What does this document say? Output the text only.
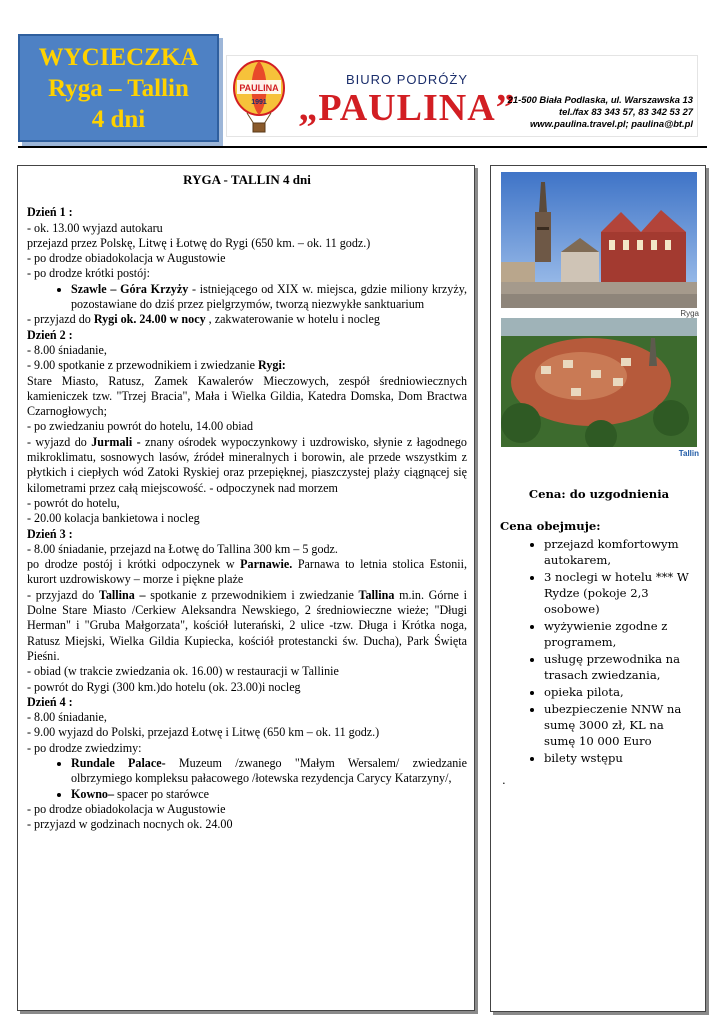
WYCIECZKA
Ryga – Tallin
4 dni
PAULINA
1991
BIURO PODRÓŻY
„PAULINA”
21-500 Biała Podlaska, ul. Warszawska 13
tel./fax 83 343 57, 83 342 53 27
www.paulina.travel.pl; paulina@bt.pl

RYGA - TALLIN 4 dni

Dzień 1 :

- ok. 13.00 wyjazd autokaru

przejazd przez Polskę, Litwę i Łotwę do Rygi (650 km. – ok. 11 godz.)

- po drodze obiadokolacja w Augustowie

- po drodze krótki postój:

• Szawle – Góra Krzyży - istniejącego od XIX w. miejsca, gdzie miliony krzyży, pozostawiane do dziś przez pielgrzymów, tworzą niezwykłe sanktuarium

- przyjazd do Rygi ok. 24.00 w nocy , zakwaterowanie w hotelu i nocleg

Dzień 2 :

- 8.00 śniadanie,

- 9.00 spotkanie z przewodnikiem i zwiedzanie Rygi:

Stare Miasto, Ratusz, Zamek Kawalerów Mieczowych, zespół średniowiecznych kamieniczek tzw. "Trzej Bracia", Mała i Wielka Gildia, Katedra Domska, Dom Bractwa Czarnogłowych;

- po zwiedzaniu powrót do hotelu, 14.00 obiad

- wyjazd do Jurmali - znany ośrodek wypoczynkowy i uzdrowisko, słynie z łagodnego mikroklimatu, sosnowych lasów, źródeł mineralnych i borowin, ale przede wszystkim z płytkich i ciepłych wód Zatoki Ryskiej oraz przepięknej, piaszczystej plaży ciągnącej się kilometrami przez całą miejscowość. - odpoczynek nad morzem

- powrót do hotelu,

- 20.00 kolacja bankietowa i nocleg

Dzień 3 :

- 8.00 śniadanie, przejazd na Łotwę do Tallina 300 km – 5 godz.

po drodze postój i krótki odpoczynek w Parnawie. Parnawa to letnia stolica Estonii, kurort uzdrowiskowy – morze i piękne plaże

- przyjazd do Tallina – spotkanie z przewodnikiem i zwiedzanie Tallina m.in. Górne i Dolne Stare Miasto /Cerkiew Aleksandra Newskiego, 2 średniowieczne wieże; "Długi Herman" i "Gruba Małgorzata", kościół luterański, 2 ulice -tzw. Długa i Krótka noga, Ratusz Miejski, Wielka Gildia Kupiecka, kościół protestancki św. Ducha), Park Święta Pieśni.

- obiad (w trakcie zwiedzania ok. 16.00) w restauracji w Tallinie

- powrót do Rygi (300 km.)do hotelu (ok. 23.00)i nocleg

Dzień 4 :

- 8.00 śniadanie,

- 9.00 wyjazd do Polski, przejazd Łotwę i Litwę (650 km – ok. 11 godz.)

- po drodze zwiedzimy:

• Rundale Palace- Muzeum /zwanego "Małym Wersalem/ zwiedzanie olbrzymiego kompleksu pałacowego /łotewska rezydencja Carycy Katarzyny/,
• Kowno– spacer po starówce

- po drodze obiadokolacja w Augustowie

- przyjazd w godzinach nocnych ok. 24.00

Ryga
Tallin

Cena: do uzgodnienia

Cena obejmuje:

• przejazd komfortowym autokarem,
• 3 noclegi w hotelu *** W Rydze (pokoje 2,3 osobowe)
• wyżywienie zgodne z programem,
• usługę przewodnika na trasach zwiedzania,
• opieka pilota,
• ubezpieczenie NNW na sumę 3000 zł, KL na sumę 10 000 Euro
• bilety wstępu
.
